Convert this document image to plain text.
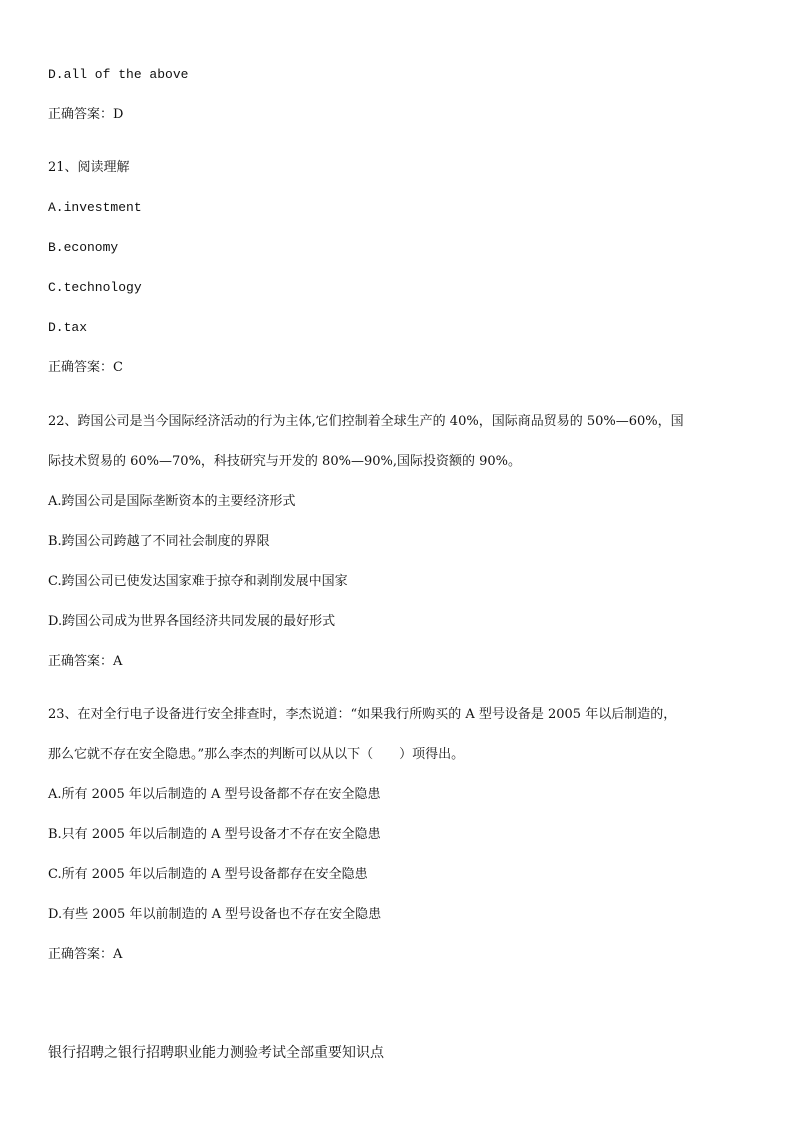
D.all of the above
正确答案：D
21、阅读理解
A.investment
B.economy
C.technology
D.tax
正确答案：C
22、跨国公司是当今国际经济活动的行为主体,它们控制着全球生产的 40%，国际商品贸易的 50%—60%，国
际技术贸易的 60%—70%，科技研究与开发的 80%—90%,国际投资额的 90%。
A.跨国公司是国际垄断资本的主要经济形式
B.跨国公司跨越了不同社会制度的界限
C.跨国公司已使发达国家难于掠夺和剥削发展中国家
D.跨国公司成为世界各国经济共同发展的最好形式
正确答案：A
23、在对全行电子设备进行安全排查时，李杰说道：“如果我行所购买的 A 型号设备是 2005 年以后制造的，
那么它就不存在安全隐患。”那么李杰的判断可以从以下（　　）项得出。
A.所有 2005 年以后制造的 A 型号设备都不存在安全隐患
B.只有 2005 年以后制造的 A 型号设备才不存在安全隐患
C.所有 2005 年以后制造的 A 型号设备都存在安全隐患
D.有些 2005 年以前制造的 A 型号设备也不存在安全隐患
正确答案：A
银行招聘之银行招聘职业能力测验考试全部重要知识点
